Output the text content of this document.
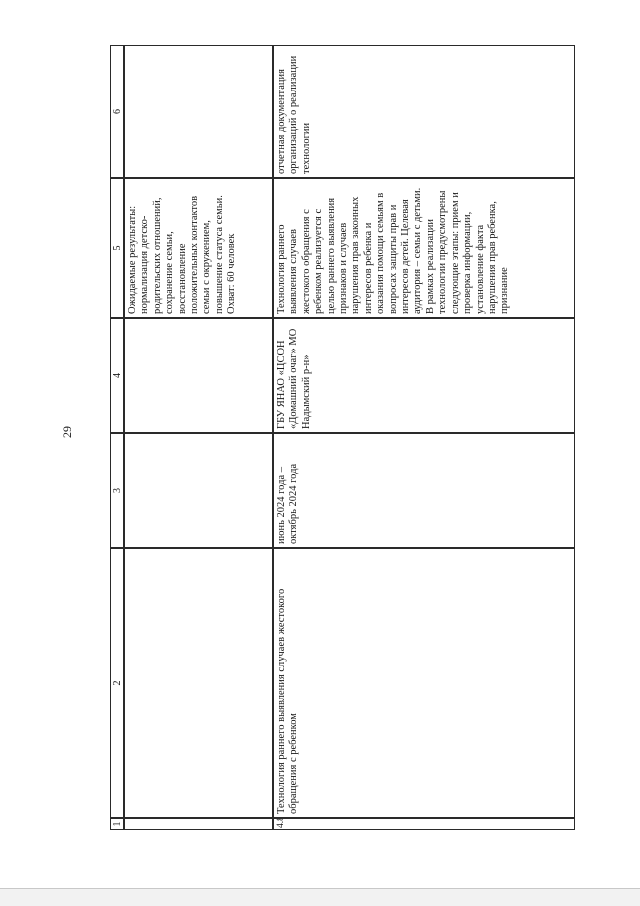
29
1
2
3
4
5
6

Ожидаемые результаты: нормализация детско-родительских отношений, сохранение семьи, восстановление положительных контактов семьи с окружением, повышение статуса семьи. Охват: 60 человек

4.8.
Технология раннего выявления случаев жестокого обращения с ребенком
июнь 2024 года – октябрь 2024 года
ГБУ ЯНАО «ЦСОН «Домашний очаг» МО Надымский р-н»
Технология раннего выявления случаев жестокого обращения с ребенком реализуется с целью раннего выявления признаков и случаев нарушения прав законных интересов ребенка и оказания помощи семьям в вопросах защиты прав и интересов детей. Целевая аудитория – семьи с детьми. В рамках реализации технологии предусмотрены следующие этапы: прием и проверка информации, установление факта нарушения прав ребенка, признание
отчетная документация организаций о реализации технологии
